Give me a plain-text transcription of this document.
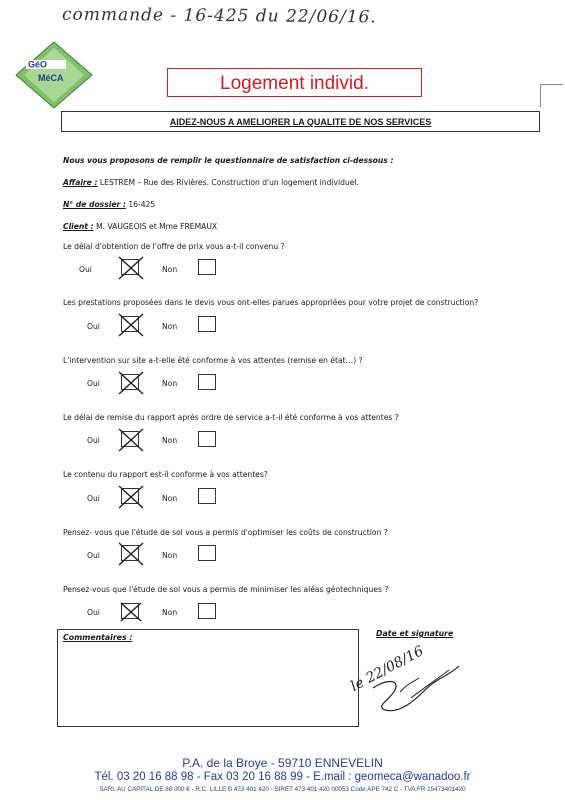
commande - 16-425 du 22/06/16.
GéO
MéCA	Logement individ.
AIDEZ-NOUS A AMELIORER LA QUALITE DE NOS SERVICES
Nous vous proposons de remplir le questionnaire de satisfaction ci-dessous :
Affaire : LESTREM – Rue des Rivières. Construction d'un logement individuel.
N° de dossier : 16-425
Client : M. VAUGEOIS et Mme FREMAUX
Le délai d'obtention de l'offre de prix vous a-t-il convenu ?
Oui	Non
Les prestations proposées dans le devis vous ont-elles parues appropriées pour votre projet de construction?
Oui	Non
L'intervention sur site a-t-elle été conforme à vos attentes (remise en état…) ?
Oui	Non
Le délai de remise du rapport après ordre de service a-t-il été conforme à vos attentes ?
Oui	Non
Le contenu du rapport est-il conforme à vos attentes?
Oui	Non
Pensez- vous que l'étude de sol vous a permis d'optimiser les coûts de construction ?
Oui	Non
Pensez-vous que l'étude de sol vous a permis de minimiser les aléas géotechniques ?
Oui	Non
Commentaires :	Date et signature
le 22/08/16
P.A. de la Broye - 59710 ENNEVELIN
Tél. 03 20 16 88 98 - Fax 03 20 16 88 99 - E.mail : geomeca@wanadoo.fr
SARL AU CAPITAL DE 88 000 € - R.C. LILLE B 473 401 420 - SIRET 473 401 420 00053 Code APE 742 C - TVA FR 15473401420
